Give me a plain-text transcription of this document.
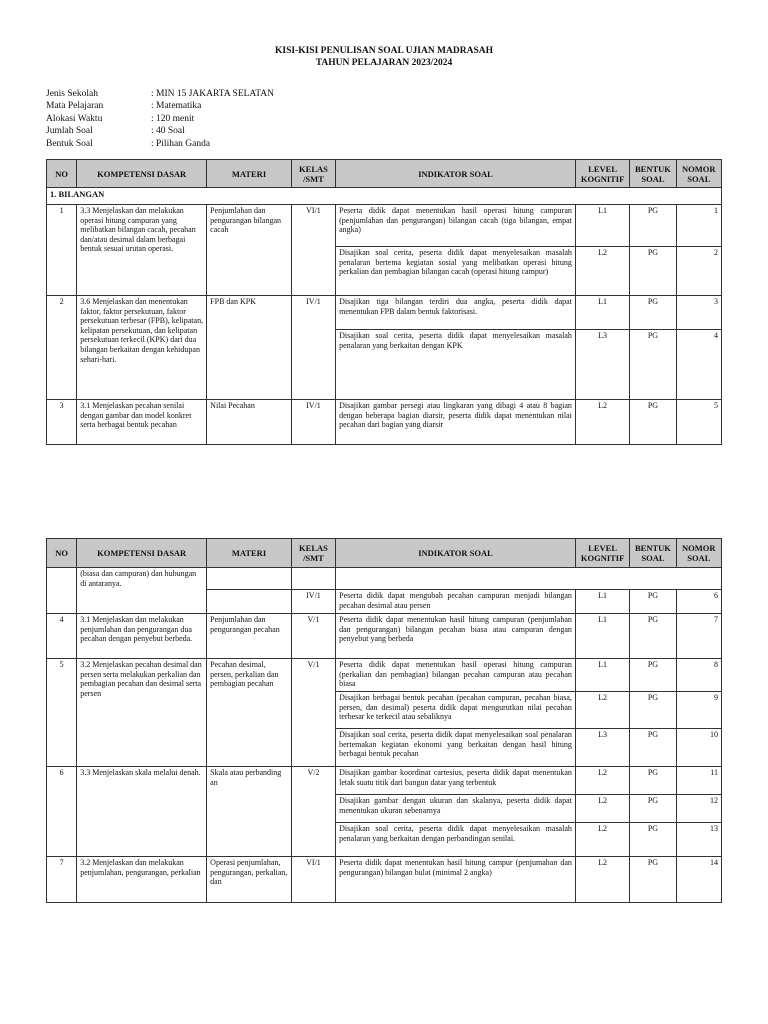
KISI-KISI PENULISAN SOAL UJIAN MADRASAH
TAHUN PELAJARAN 2023/2024
Jenis Sekolah	: MIN 15 JAKARTA SELATAN
Mata Pelajaran	: Matematika
Alokasi Waktu	: 120 menit
Jumlah Soal	: 40 Soal
Bentuk Soal	: Pilihan Ganda
NO	KOMPETENSI DASAR	MATERI	KELAS /SMT	INDIKATOR SOAL	LEVEL KOGNITIF	BENTUK SOAL	NOMOR SOAL
1. BILANGAN							
1	3.3 Menjelaskan dan melakukan operasi hitung campuran yang melibatkan bilangan cacah, pecahan dan/atau desimal dalam berbagai bentuk sesuai urutan operasi.	Penjumlahan dan pengurangan bilangan cacah	VI/1	Peserta didik dapat menentukan hasil operasi hitung campuran (penjumlahan dan pengurangan) bilangan cacah (tiga bilangan, empat angka)	L1	PG	1
				Disajikan soal cerita, peserta didik dapat menyelesaikan masalah penalaran bertema kegiatan sosial yang melibatkan operasi hitung perkalian dan pembagian bilangan cacah (operasi hitung campur)	L2	PG	2
2	3.6 Menjelaskan dan menentukan faktor, faktor persekutuan, faktor persekutuan terbesar (FPB), kelipatan, kelipatan persekutuan, dan kelipatan persekutuan terkecil (KPK) dari dua bilangan berkaitan dengan kehidupan sehari-hari.	FPB dan KPK	IV/1	Disajikan tiga bilangan terdiri dua angka, peserta didik dapat menentukan FPB dalam bentuk faktorisasi.	L1	PG	3
				Disajikan soal cerita, peserta didik dapat menyelesaikan masalah penalaran yang berkaitan dengan KPK	L3	PG	4
3	3.1 Menjelaskan pecahan senilai dengan gambar dan model konkret serta berbagai bentuk pecahan	Nilai Pecahan	IV/1	Disajikan gambar persegi atau lingkaran yang dibagi 4 atau 8 bagian dengan beberapa bagian diarsir, peserta didik dapat menentukan nilai pecahan dari bagian yang diarsir	L2	PG	5
NO	KOMPETENSI DASAR	MATERI	KELAS /SMT	INDIKATOR SOAL	LEVEL KOGNITIF	BENTUK SOAL	NOMOR SOAL
	(biasa dan campuran) dan hubungan di antaranya.						
			IV/1	Peserta didik dapat mengubah pecahan campuran menjadi bilangan pecahan desimal atau persen	L1	PG	6
4	3.1 Menjelaskan dan melakukan penjumlahan dan pengurangan dua pecahan dengan penyebut berbeda.	Penjumlahan dan pengurangan pecahan	V/1	Peserta didik dapat menentukan hasil hitung campuran (penjumlahan dan pengurangan) bilangan pecahan biasa atau campuran dengan penyebut yang berbeda	L1	PG	7
5	3.2 Menjelaskan pecahan desimal dan persen serta melakukan perkalian dan pembagian pecahan dan desimal serta persen	Pecahan desimal, persen, perkalian dan pembagian pecahan	V/1	Peserta didik dapat menentukan hasil operasi hitung campuran (perkalian dan pembagian) bilangan pecahan campuran atau pecahan biasa	L1	PG	8
				Disajikan berbagai bentuk pecahan (pecahan campuran, pecahan biasa, persen, dan desimal) peserta didik dapat mengurutkan nilai pecahan terbesar ke terkecil atau sebaliknya	L2	PG	9
				Disajikan soal cerita, peserta didik dapat menyelesaikan soal penalaran bertemakan kegiatan ekonomi yang berkaitan dengan hasil hitung berbagai bentuk pecahan	L3	PG	10
6	3.3 Menjelaskan skala melalui denah.	Skala atau perbanding an	V/2	Disajikan gambar koordinat cartesius, peserta didik dapat menentukan letak suatu titik dari bangun datar yang terbentuk	L2	PG	11
				Disajikan gambar dengan ukuran dan skalanya, peserta didik dapat menentukan ukuran sebenarnya	L2	PG	12
				Disajikan soal cerita, peserta didik dapat menyelesaikan masalah penalaran yang berkaitan dengan perbandingan senilai.	L2	PG	13
7	3.2 Menjelaskan dan melakukan penjumlahan, pengurangan, perkalian	Operasi penjumlahan, pengurangan, perkalian, dan	VI/1	Peserta didik dapat menentukan hasil hitung campur (penjumahan dan pengurangan) bilangan bulat (minimal 2 angka)	L2	PG	14
